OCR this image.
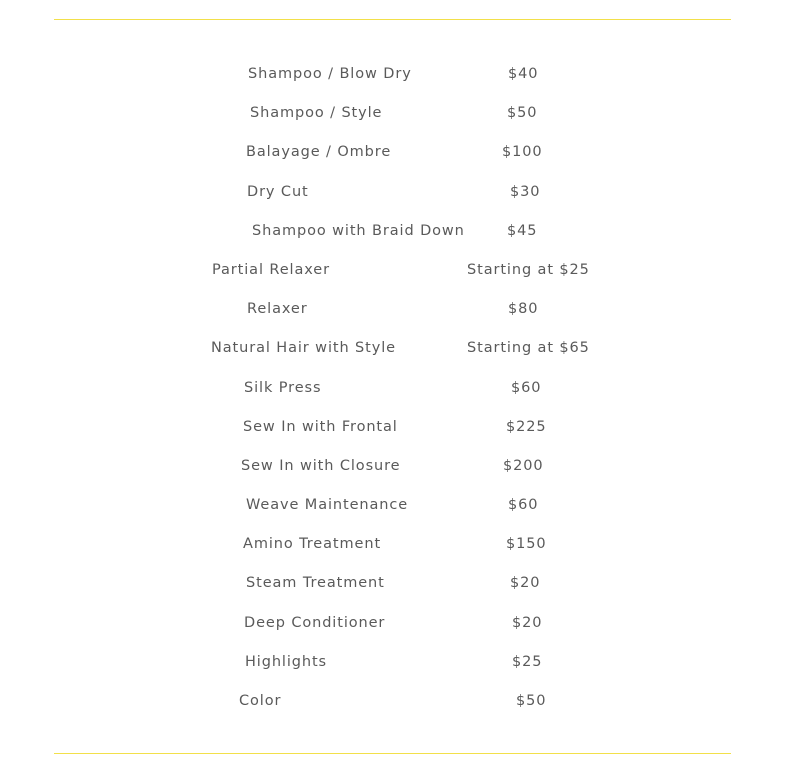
Shampoo / Blow Dry	$40
Shampoo / Style	$50
Balayage / Ombre	$100
Dry Cut	$30
Shampoo with Braid Down	$45
Partial Relaxer	Starting at $25
Relaxer	$80
Natural Hair with Style	Starting at $65
Silk Press	$60
Sew In with Frontal	$225
Sew In with Closure	$200
Weave Maintenance	$60
Amino Treatment	$150
Steam Treatment	$20
Deep Conditioner	$20
Highlights	$25
Color	$50
